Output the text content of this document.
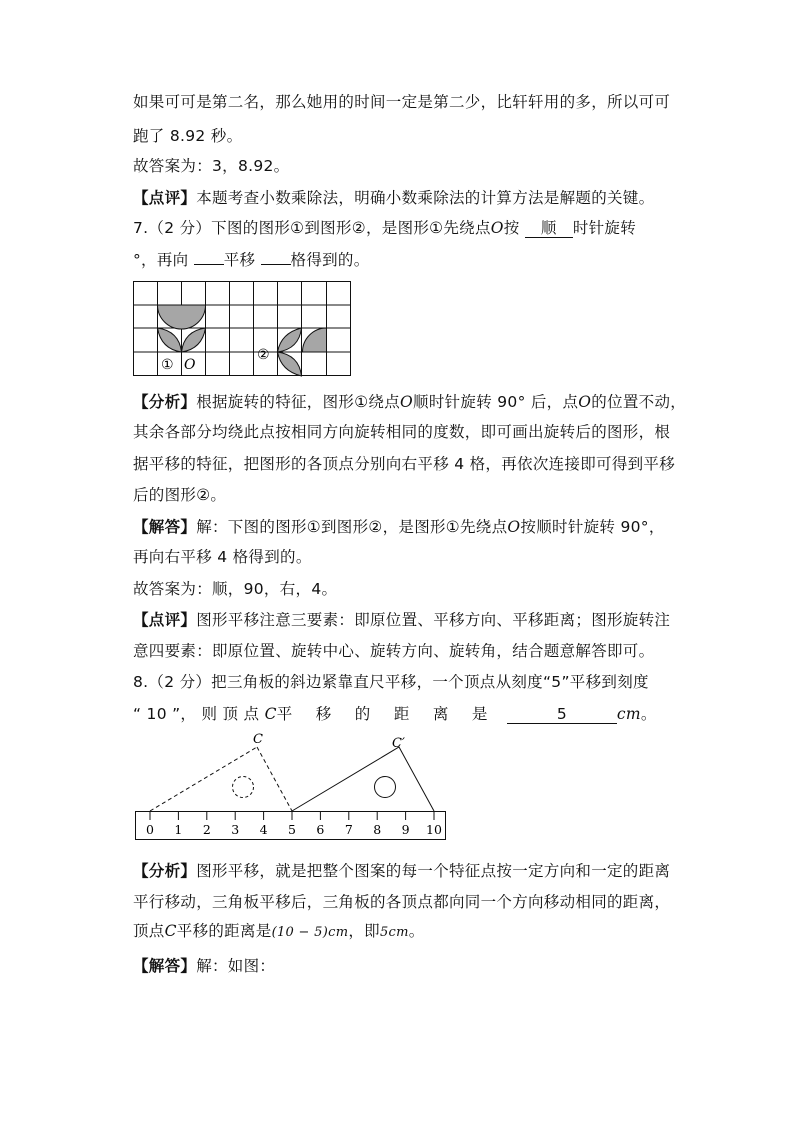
如果可可是第二名，那么她用的时间一定是第二少，比轩轩用的多，所以可可
跑了 8.92 秒。
故答案为：3，8.92。
【点评】本题考查小数乘除法，明确小数乘除法的计算方法是解题的关键。
7.（2 分）下图的图形①到图形②，是图形①先绕点O按 顺 时针旋转
°，再向 平移 格得到的。
① O
②
【分析】根据旋转的特征，图形①绕点O顺时针旋转 90° 后，点O的位置不动，
其余各部分均绕此点按相同方向旋转相同的度数，即可画出旋转后的图形，根
据平移的特征，把图形的各顶点分别向右平移 4 格，再依次连接即可得到平移
后的图形②。
【解答】解：下图的图形①到图形②，是图形①先绕点O按顺时针旋转 90°，
再向右平移 4 格得到的。
故答案为：顺，90，右，4。
【点评】图形平移注意三要素：即原位置、平移方向、平移距离；图形旋转注
意四要素：即原位置、旋转中心、旋转方向、旋转角，结合题意解答即可。
8.（2 分）把三角板的斜边紧靠直尺平移，一个顶点从刻度“5”平移到刻度
“ 10 ”， 则 顶 点 C平 移 的 距 离 是	5	cm。
0 1 2 3 4 5 6 7 8 9 10
C	C′
【分析】图形平移，就是把整个图案的每一个特征点按一定方向和一定的距离
平行移动，三角板平移后，三角板的各顶点都向同一个方向移动相同的距离，
顶点C平移的距离是(10 − 5)cm，即5cm。
【解答】解：如图：
